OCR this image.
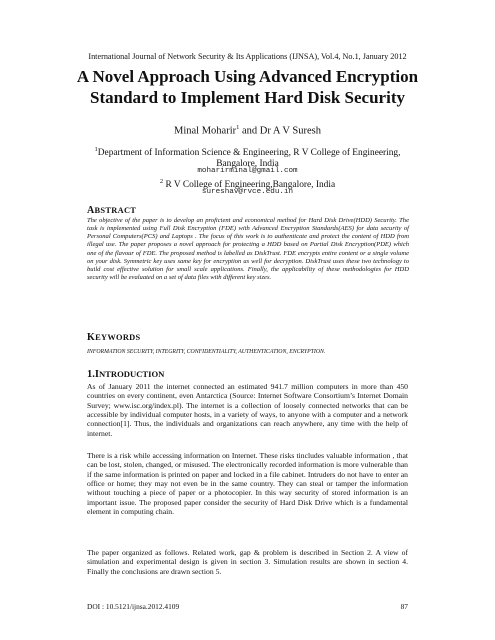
International Journal of Network Security & Its Applications (IJNSA), Vol.4, No.1, January 2012
A Novel Approach Using Advanced Encryption
Standard to Implement Hard Disk Security
Minal Moharir$^1$ and Dr A V Suresh
$^1$Department of Information Science & Engineering, R V College of Engineering,
Bangalore, India
moharirminal@gmail.com
$^2$ R V College of Engineering,Bangalore, India
sureshav@rvce.edu.in
ABSTRACT
The objective of the paper is to develop an proficient and economical method for Hard Disk Drive(HDD) Security. The task is implemented using Full Disk Encryption (FDE) with Advanced Encryption Standards(AES) for data security of Personal Computers(PCS) and Laptops . The focus of this work is to authenticate and protect the content of HDD from illegal use. The paper proposes a novel approach for protecting a HDD based on Partial Disk Encryption(PDE) which one of the flavour of FDE. The proposed method is labelled as DiskTrust. FDE encrypts entire content or a single volume on your disk. Symmetric key uses same key for encryption as well for decryption. DiskTrust uses these two technology to build cost effective solution for small scale applications. Finally, the applicability of these methodologies for HDD security will be evaluated on a set of data files with different key sizes.
KEYWORDS
INFORMATION SECURITY, INTEGRITY, CONFIDENTIALITY, AUTHENTICATION, ENCRYPTION.
1.INTRODUCTION
As of January 2011 the internet connected an estimated 941.7 million computers in more than 450 countries on every continent, even Antarctica (Source: Internet Software Consortium’s Internet Domain Survey; www.isc.org/index.pl). The internet is a collection of loosely connected networks that can be accessible by individual computer hosts, in a variety of ways, to anyone with a computer and a network connection[1]. Thus, the individuals and organizations can reach anywhere, any time with the help of internet.
There is a risk while accessing information on Internet. These risks tincludes valuable information , that can be lost, stolen, changed, or misused. The electronically recorded information is more vulnerable than if the same information is printed on paper and locked in a file cabinet. Intruders do not have to enter an office or home; they may not even be in the same country. They can steal or tamper the information without touching a piece of paper or a photocopier. In this way security of stored information is an important issue. The proposed paper consider the security of Hard Disk Drive which is a fundamental element in computing chain.
The paper organized as follows. Related work, gap & problem is described in Section 2. A view of simulation and experimental design is given in section 3. Simulation results are shown in section 4. Finally the conclusions are drawn section 5.
DOI : 10.5121/ijnsa.2012.4109	87
